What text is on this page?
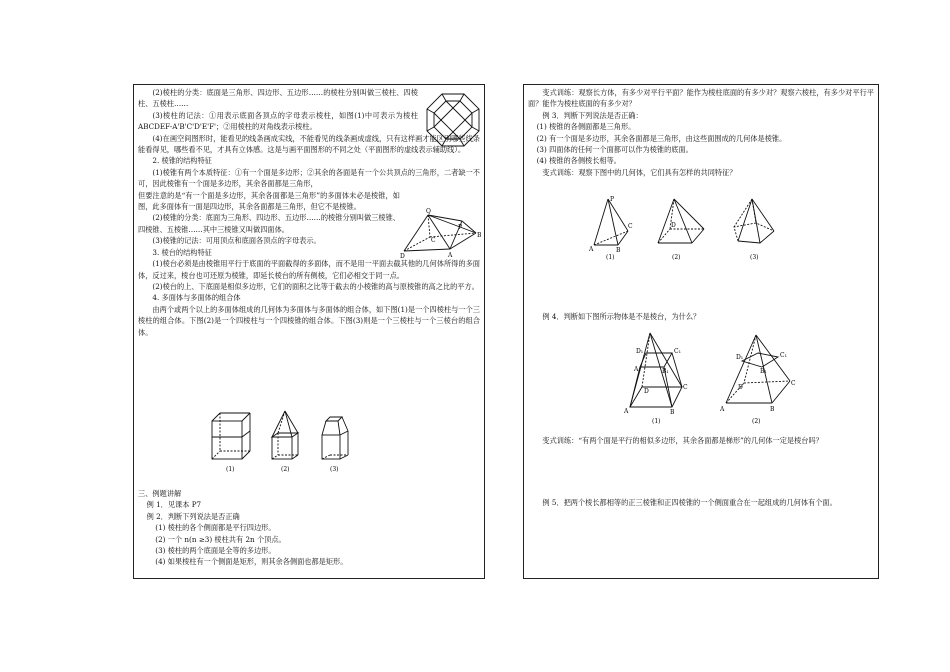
(2)棱柱的分类：底面是三角形、四边形、五边形……的棱柱分别叫做三棱柱、四棱柱、五棱柱……

(3)棱柱的记法：①用表示底面各顶点的字母表示棱柱，如图(1)中可表示为棱柱 ABCDEF-A'B'C'D'E'F'；②用棱柱的对角线表示棱柱。

(4)在画空间图形时，能看见的线条画成实线，不能看见的线条画成虚线，只有这样画才能区别哪些线条能看得见，哪些看不见，才具有立体感。这是与画平面图形的不同之处（平面图形的虚线表示辅助线）。

2. 棱锥的结构特征

(1)棱锥有两个本质特征：①有一个面是多边形；②其余的各面是有一个公共顶点的三角形，二者缺一不可，因此棱锥有一个面是多边形，其余各面都是三角形，

但要注意的是“有一个面是多边形，其余各面都是三角形”的多面体未必是棱锥，如图，此多面体有一面是四边形，其余各面都是三角形，但它不是棱锥。

(2)棱锥的分类：底面为三角形、四边形、五边形……的棱锥分别叫做三棱锥、四棱锥、五棱锥……其中三棱锥又叫做四面体。

(3)棱锥的记法：可用顶点和底面各顶点的字母表示。

3. 棱台的结构特征

(1)棱台必须是由棱锥用平行于底面的平面截得的多面体，而不是用一平面去截其他的几何体所得的多面体，反过来，棱台也可还原为棱锥，即延长棱台的所有侧棱，它们必相交于同一点。

(2)棱台的上、下底面是相似多边形，它们的面积之比等于截去的小棱锥的高与原棱锥的高之比的平方。

4. 多面体与多面体的组合体

由两个或两个以上的多面体组成的几何体为多面体与多面体的组合体，如下图(1)是一个四棱柱与一个三棱柱的组合体。下图(2)是一个四棱柱与一个四棱锥的组合体。下图(3)则是一个三棱柱与一个三棱台的组合体。

Q
P
D
C
A
B
(1)	(2)	(3)

三、例题讲解

例 1．见课本 P7

例 2．判断下列说法是否正确

(1) 棱柱的各个侧面都是平行四边形。

(2) 一个 n(n ≥3) 棱柱共有 2n 个顶点。

(3) 棱柱的两个底面是全等的多边形。

(4) 如果棱柱有一个侧面是矩形，则其余各侧面也都是矩形。

变式训练：观察长方体，有多少对平行平面？能作为棱柱底面的有多少对？观察六棱柱，有多少对平行平面？能作为棱柱底面的有多少对？

例 3．判断下列说法是否正确：

(1) 棱锥的各侧面都是三角形。

(2) 有一个面是多边形，其余各面都是三角形，由这些面围成的几何体是棱锥。

(3) 四面体的任何一个面都可以作为棱锥的底面。

(4) 棱锥的各侧棱长相等。

变式训练：观察下图中的几何体，它们具有怎样的共同特征？

P
C
A	B
D
(1)	(2)	(3)

例 4．判断如下图所示物体是不是棱台，为什么？

D₁	C₁
A₁	B₁
D
C
A	B
(1)
D₁	C₁
B₁
D
C
A	B
(2)

变式训练：“有两个面是平行的相似多边形，其余各面都是梯形”的几何体一定是棱台吗？

例 5．把两个棱长都相等的正三棱锥和正四棱锥的一个侧面重合在一起组成的几何体有个面。
